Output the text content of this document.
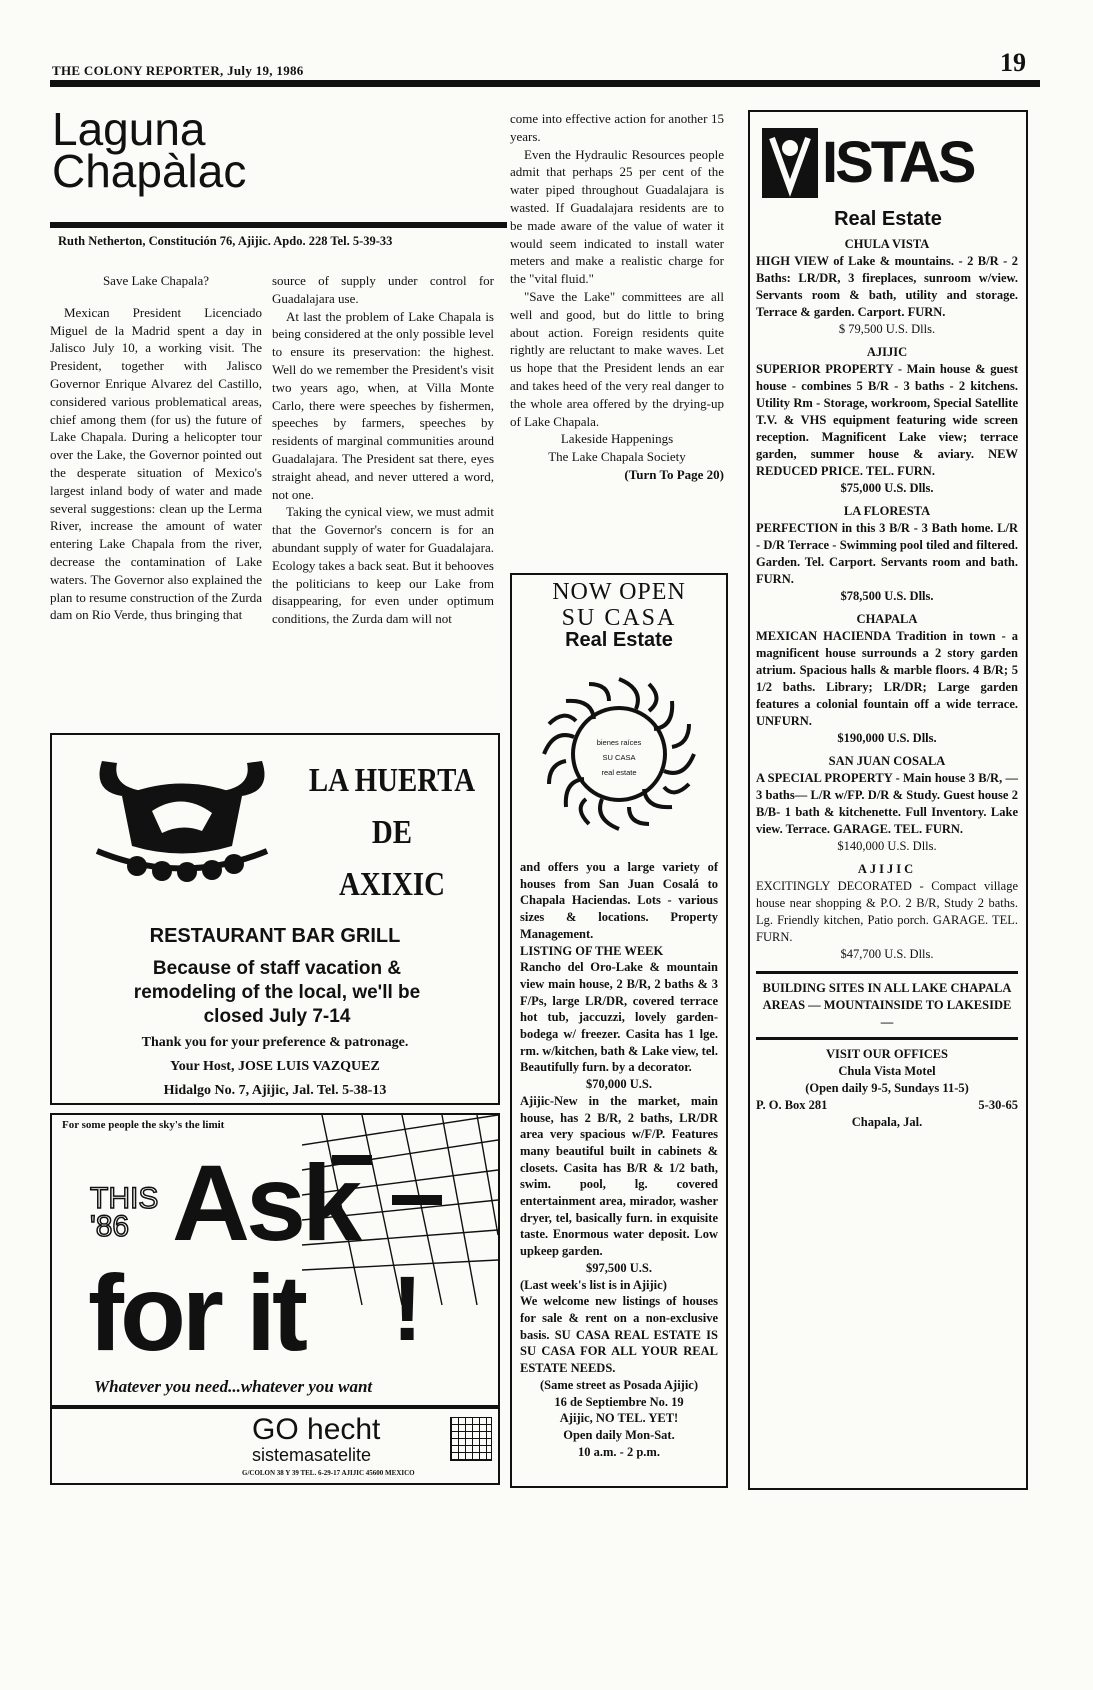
THE COLONY REPORTER, July 19, 1986	19
Laguna
Chapàlac
Ruth Netherton, Constitución 76, Ajijic. Apdo. 228 Tel. 5-39-33

Save Lake Chapala?

Mexican President Licenciado Miguel de la Madrid spent a day in Jalisco July 10, a working visit. The President, together with Jalisco Governor Enrique Alvarez del Castillo, considered various problematical areas, chief among them (for us) the future of Lake Chapala. During a helicopter tour over the Lake, the Governor pointed out the desperate situation of Mexico's largest inland body of water and made several suggestions: clean up the Lerma River, increase the amount of water entering Lake Chapala from the river, decrease the contamination of Lake waters. The Governor also explained the plan to resume construction of the Zurda dam on Rio Verde, thus bringing that

source of supply under control for Guadalajara use.

At last the problem of Lake Chapala is being considered at the only possible level to ensure its preservation: the highest. Well do we remember the President's visit two years ago, when, at Villa Monte Carlo, there were speeches by fishermen, speeches by farmers, speeches by residents of marginal communities around Guadalajara. The President sat there, eyes straight ahead, and never uttered a word, not one.

Taking the cynical view, we must admit that the Governor's concern is for an abundant supply of water for Guadalajara. Ecology takes a back seat. But it behooves the politicians to keep our Lake from disappearing, for even under optimum conditions, the Zurda dam will not

come into effective action for another 15 years.

Even the Hydraulic Resources people admit that perhaps 25 per cent of the water piped throughout Guadalajara is wasted. If Guadalajara residents are to be made aware of the value of water it would seem indicated to install water meters and make a realistic charge for the "vital fluid."

"Save the Lake" committees are all well and good, but do little to bring about action. Foreign residents quite rightly are reluctant to make waves. Let us hope that the President lends an ear and takes heed of the very real danger to the whole area offered by the drying-up of Lake Chapala.

Lakeside Happenings

The Lake Chapala Society

(Turn To Page 20)

LA HUERTA
DE
AXIXIC
RESTAURANT BAR GRILL
Because of staff vacation & remodeling of the local, we'll be closed July 7-14
Thank you for your preference & patronage.
Your Host, JOSE LUIS VAZQUEZ
Hidalgo No. 7, Ajijic, Jal. Tel. 5-38-13
For some people the sky's the limit
THIS
'86 Ask
for it !
Whatever you need...whatever you want
GO hecht
sistemasatelite
G/COLON 38 Y 39 TEL. 6-29-17 AJIJIC 45600 MEXICO
NOW OPEN
SU CASA
Real Estate
bienes raíces
SU CASA
real estate

and offers you a large variety of houses from San Juan Cosalá to Chapala Haciendas. Lots - various sizes & locations. Property Management.

LISTING OF THE WEEK

Rancho del Oro-Lake & mountain view main house, 2 B/R, 2 baths & 3 F/Ps, large LR/DR, covered terrace hot tub, jaccuzzi, lovely garden-bodega w/ freezer. Casita has 1 lge. rm. w/kitchen, bath & Lake view, tel. Beautifully furn. by a decorator.

$70,000 U.S.

Ajijic-New in the market, main house, has 2 B/R, 2 baths, LR/DR area very spacious w/F/P. Features many beautiful built in cabinets & closets. Casita has B/R & 1/2 bath, swim. pool, lg. covered entertainment area, mirador, washer dryer, tel, basically furn. in exquisite taste. Enormous water deposit. Low upkeep garden.

$97,500 U.S.

(Last week's list is in Ajijic)

We welcome new listings of houses for sale & rent on a non-exclusive basis. SU CASA REAL ESTATE IS SU CASA FOR ALL YOUR REAL ESTATE NEEDS.

(Same street as Posada Ajijic)

16 de Septiembre No. 19

Ajijic, NO TEL. YET!

Open daily Mon-Sat.

10 a.m. - 2 p.m.

ISTAS
Real Estate

CHULA VISTA

HIGH VIEW of Lake & mountains. - 2 B/R - 2 Baths: LR/DR, 3 fireplaces, sunroom w/view. Servants room & bath, utility and storage. Terrace & garden. Carport. FURN.

$ 79,500 U.S. Dlls.

AJIJIC

SUPERIOR PROPERTY - Main house & guest house - combines 5 B/R - 3 baths - 2 kitchens. Utility Rm - Storage, workroom, Special Satellite T.V. & VHS equipment featuring wide screen reception. Magnificent Lake view; terrace garden, summer house & aviary. NEW REDUCED PRICE. TEL. FURN.

$75,000 U.S. Dlls.

LA FLORESTA

PERFECTION in this 3 B/R - 3 Bath home. L/R - D/R Terrace - Swimming pool tiled and filtered. Garden. Tel. Carport. Servants room and bath. FURN.

$78,500 U.S. Dlls.

CHAPALA

MEXICAN HACIENDA Tradition in town - a magnificent house surrounds a 2 story garden atrium. Spacious halls & marble floors. 4 B/R; 5 1/2 baths. Library; LR/DR; Large garden features a colonial fountain off a wide terrace. UNFURN.

$190,000 U.S. Dlls.

SAN JUAN COSALA

A SPECIAL PROPERTY - Main house 3 B/R, — 3 baths— L/R w/FP. D/R & Study. Guest house 2 B/B- 1 bath & kitchenette. Full Inventory. Lake view. Terrace. GARAGE. TEL. FURN.

$140,000 U.S. Dlls.

AJIJIC

EXCITINGLY DECORATED - Compact village house near shopping & P.O. 2 B/R, Study 2 baths. Lg. Friendly kitchen, Patio porch. GARAGE. TEL. FURN.

$47,700 U.S. Dlls.

BUILDING SITES IN ALL LAKE CHAPALA AREAS — MOUNTAINSIDE TO LAKESIDE —

VISIT OUR OFFICES

Chula Vista Motel

(Open daily 9-5, Sundays 11-5)

P. O. Box 281	5-30-65

Chapala, Jal.
